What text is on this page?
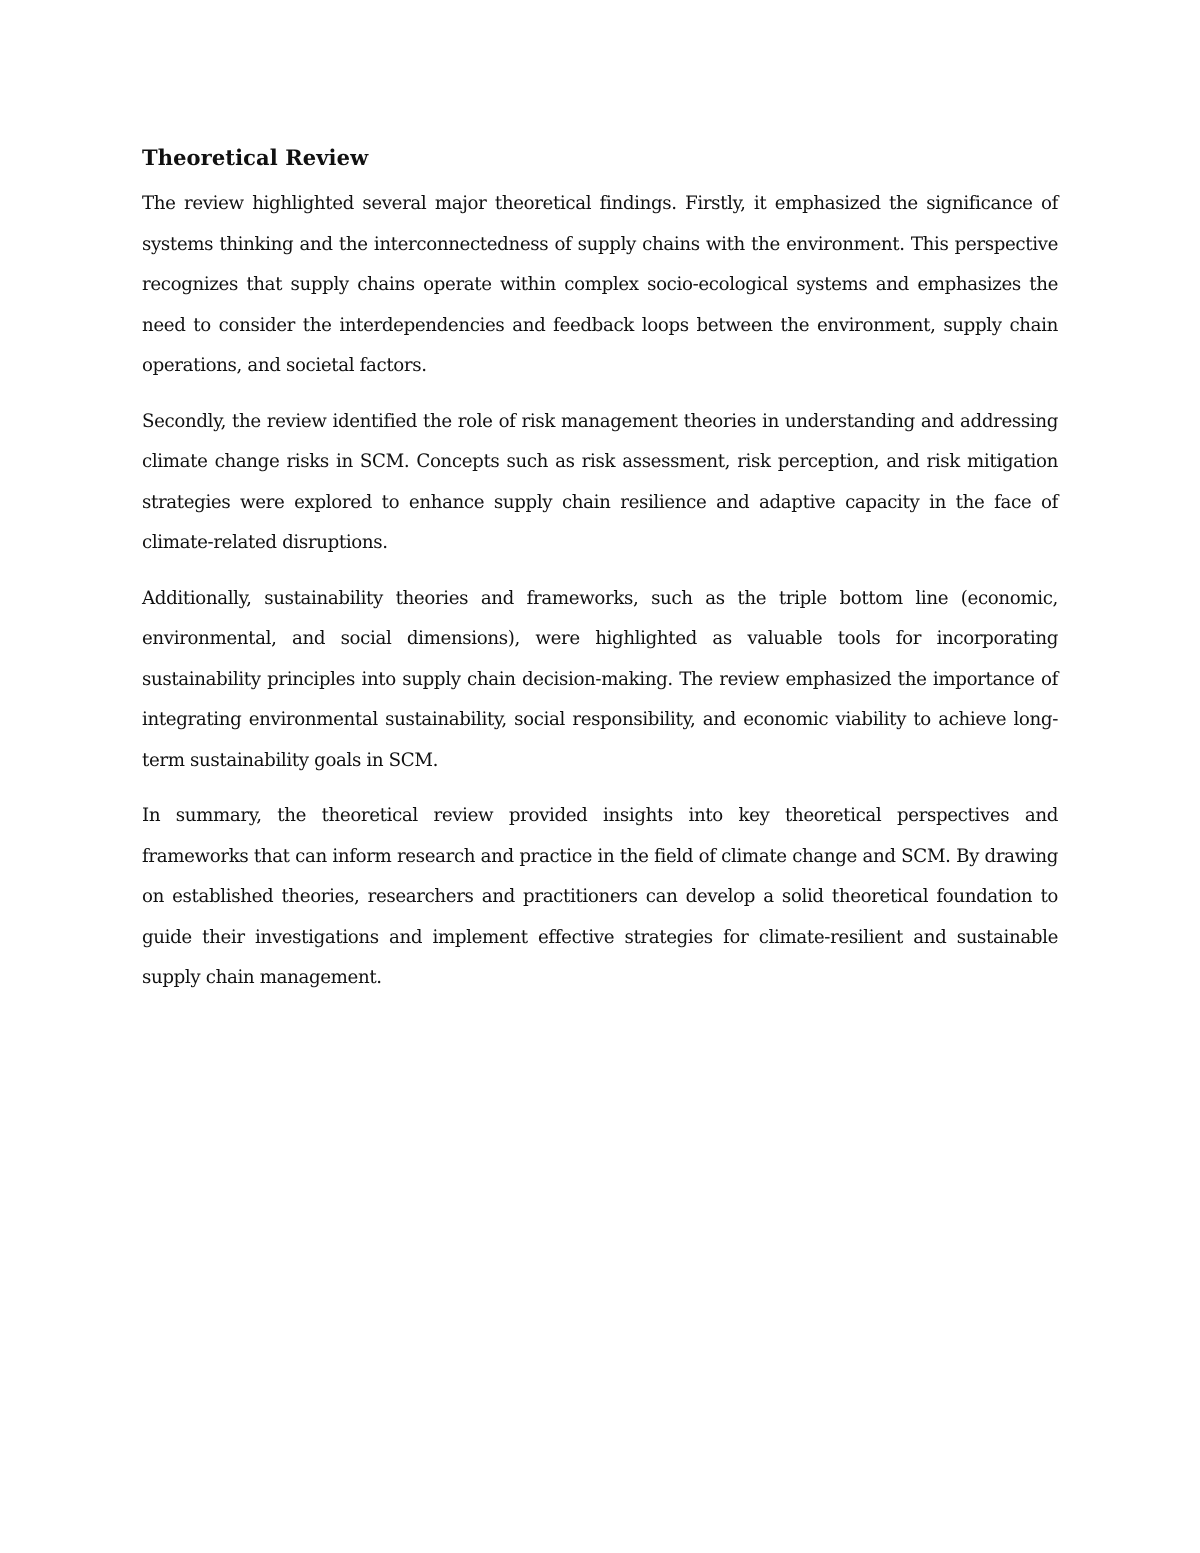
Theoretical Review

The review highlighted several major theoretical findings. Firstly, it emphasized the significance of systems thinking and the interconnectedness of supply chains with the environment. This perspective recognizes that supply chains operate within complex socio-ecological systems and emphasizes the need to consider the interdependencies and feedback loops between the environment, supply chain operations, and societal factors.

Secondly, the review identified the role of risk management theories in understanding and addressing climate change risks in SCM. Concepts such as risk assessment, risk perception, and risk mitigation strategies were explored to enhance supply chain resilience and adaptive capacity in the face of climate-related disruptions.

Additionally, sustainability theories and frameworks, such as the triple bottom line (economic, environmental, and social dimensions), were highlighted as valuable tools for incorporating sustainability principles into supply chain decision-making. The review emphasized the importance of integrating environmental sustainability, social responsibility, and economic viability to achieve long-term sustainability goals in SCM.

In summary, the theoretical review provided insights into key theoretical perspectives and frameworks that can inform research and practice in the field of climate change and SCM. By drawing on established theories, researchers and practitioners can develop a solid theoretical foundation to guide their investigations and implement effective strategies for climate-resilient and sustainable supply chain management.
